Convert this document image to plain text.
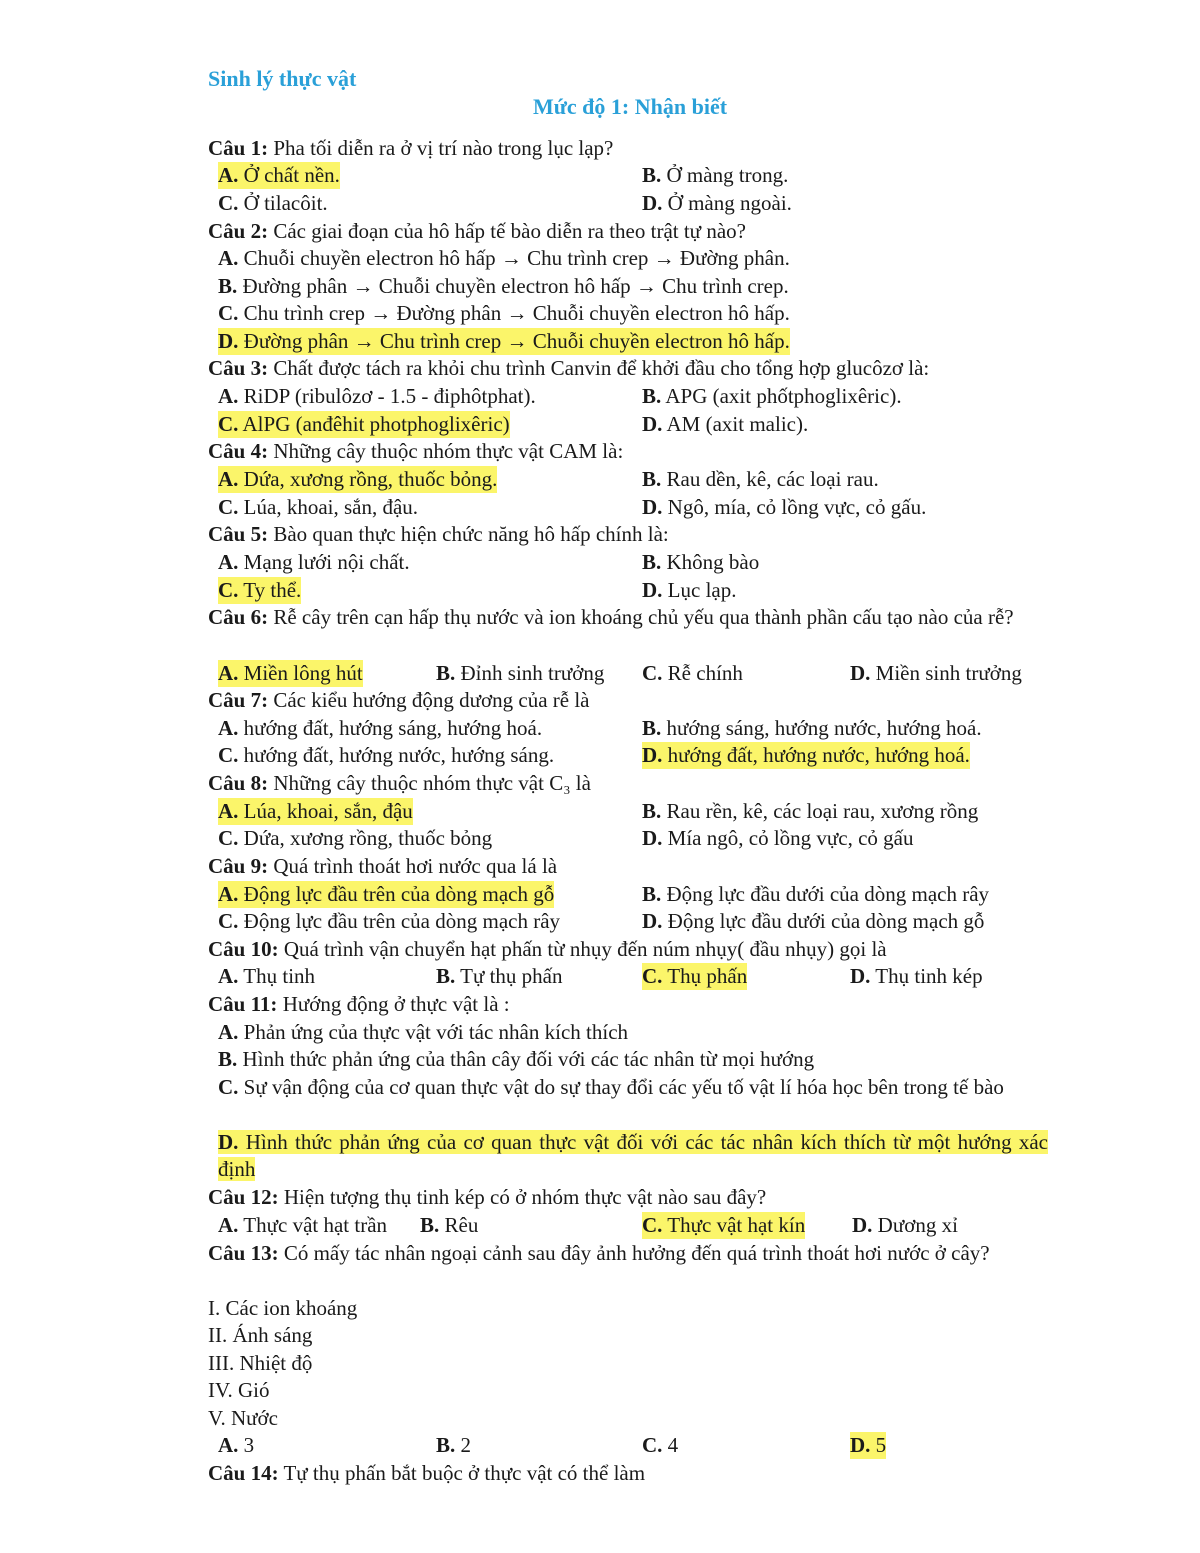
Sinh lý thực vật
Mức độ 1: Nhận biết
Câu 1: Pha tối diễn ra ở vị trí nào trong lục lạp?
A. Ở chất nền.	B. Ở màng trong.
C. Ở tilacôit.	D. Ở màng ngoài.
Câu 2: Các giai đoạn của hô hấp tế bào diễn ra theo trật tự nào?
A. Chuỗi chuyền electron hô hấp → Chu trình crep → Đường phân.
B. Đường phân → Chuỗi chuyền electron hô hấp → Chu trình crep.
C. Chu trình crep → Đường phân → Chuỗi chuyền electron hô hấp.
D. Đường phân → Chu trình crep → Chuỗi chuyền electron hô hấp.
Câu 3: Chất được tách ra khỏi chu trình Canvin để khởi đầu cho tổng hợp glucôzơ là:
A. RiDP (ribulôzơ - 1.5 - điphôtphat).	B. APG (axit phốtphoglixêric).
C. AlPG (anđêhit photphoglixêric)	D. AM (axit malic).
Câu 4: Những cây thuộc nhóm thực vật CAM là:
A. Dứa, xương rồng, thuốc bỏng.	B. Rau dền, kê, các loại rau.
C. Lúa, khoai, sắn, đậu.	D. Ngô, mía, cỏ lồng vực, cỏ gấu.
Câu 5: Bào quan thực hiện chức năng hô hấp chính là:
A. Mạng lưới nội chất.	B. Không bào
C. Ty thể.	D. Lục lạp.
Câu 6: Rễ cây trên cạn hấp thụ nước và ion khoáng chủ yếu qua thành phần cấu tạo nào của rễ?
A. Miền lông hút	B. Đỉnh sinh trưởng C. Rễ chính	D. Miền sinh trưởng
Câu 7: Các kiểu hướng động dương của rễ là
A. hướng đất, hướng sáng, hướng hoá.	B. hướng sáng, hướng nước, hướng hoá.
C. hướng đất, hướng nước, hướng sáng.	D. hướng đất, hướng nước, hướng hoá.
Câu 8: Những cây thuộc nhóm thực vật C₃ là
A. Lúa, khoai, sắn, đậu	B. Rau rền, kê, các loại rau, xương rồng
C. Dứa, xương rồng, thuốc bỏng	D. Mía ngô, cỏ lồng vực, cỏ gấu
Câu 9: Quá trình thoát hơi nước qua lá là
A. Động lực đầu trên của dòng mạch gỗ	B. Động lực đầu dưới của dòng mạch rây
C. Động lực đầu trên của dòng mạch rây	D. Động lực đầu dưới của dòng mạch gỗ
Câu 10: Quá trình vận chuyển hạt phấn từ nhụy đến núm nhụy( đầu nhụy) gọi là
A. Thụ tinh	B. Tự thụ phấn	C. Thụ phấn	D. Thụ tinh kép
Câu 11: Hướng động ở thực vật là :
A. Phản ứng của thực vật với tác nhân kích thích
B. Hình thức phản ứng của thân cây đối với các tác nhân từ mọi hướng
C. Sự vận động của cơ quan thực vật do sự thay đổi các yếu tố vật lí hóa học bên trong tế bào
D. Hình thức phản ứng của cơ quan thực vật đối với các tác nhân kích thích từ một hướng xác định
Câu 12: Hiện tượng thụ tinh kép có ở nhóm thực vật nào sau đây?
A. Thực vật hạt trần B. Rêu	C. Thực vật hạt kín D. Dương xỉ
Câu 13: Có mấy tác nhân ngoại cảnh sau đây ảnh hưởng đến quá trình thoát hơi nước ở cây?
I. Các ion khoáng
II. Ánh sáng
III. Nhiệt độ
IV. Gió
V. Nước
A. 3	B. 2	C. 4	D. 5
Câu 14: Tự thụ phấn bắt buộc ở thực vật có thể làm
